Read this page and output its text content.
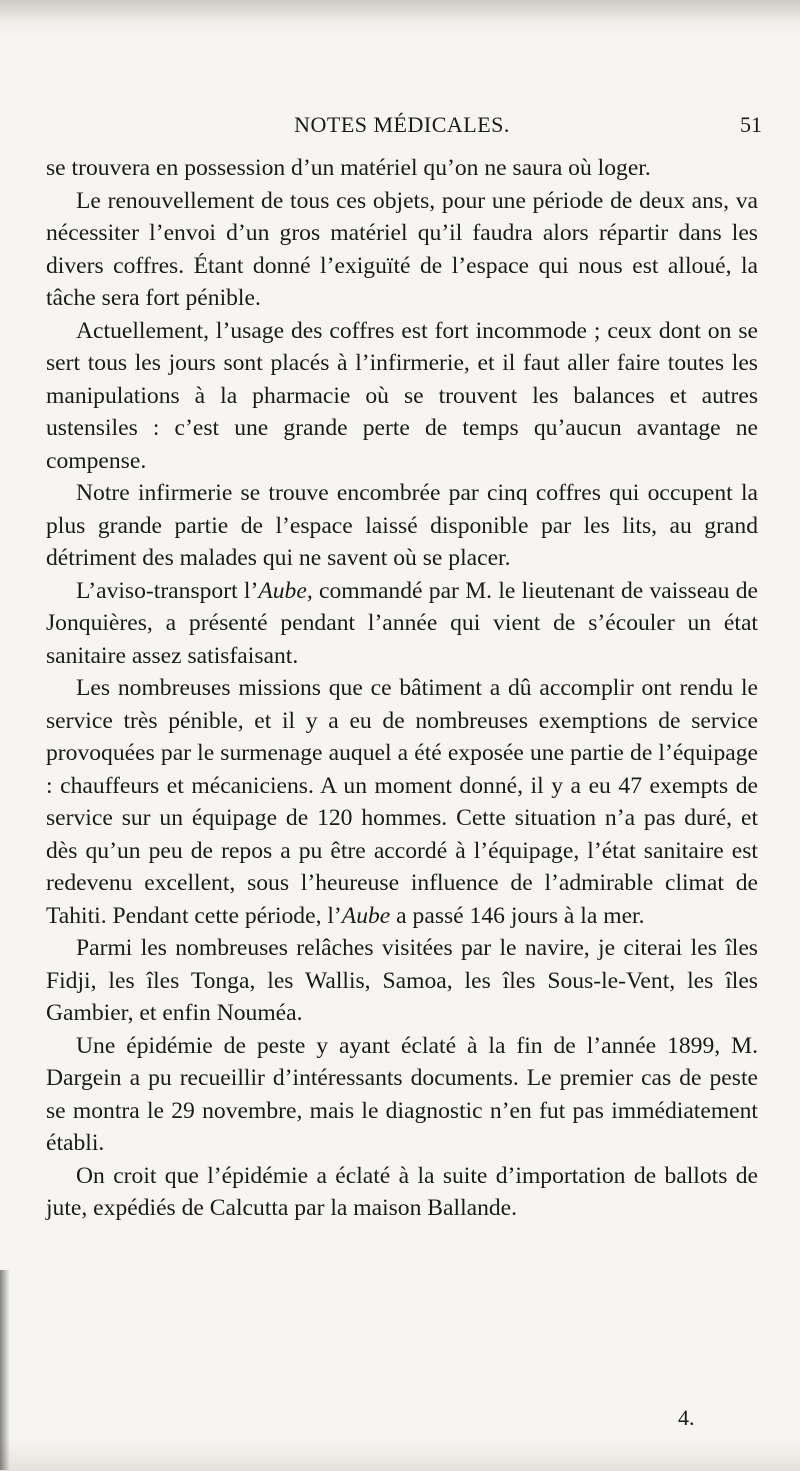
NOTES MÉDICALES.	51

se trouvera en possession d’un matériel qu’on ne saura où loger.

Le renouvellement de tous ces objets, pour une période de deux ans, va nécessiter l’envoi d’un gros matériel qu’il faudra alors répartir dans les divers coffres. Étant donné l’exiguïté de l’espace qui nous est alloué, la tâche sera fort pénible.

Actuellement, l’usage des coffres est fort incommode ; ceux dont on se sert tous les jours sont placés à l’infirmerie, et il faut aller faire toutes les manipulations à la pharmacie où se trouvent les balances et autres ustensiles : c’est une grande perte de temps qu’aucun avantage ne compense.

Notre infirmerie se trouve encombrée par cinq coffres qui occupent la plus grande partie de l’espace laissé disponible par les lits, au grand détriment des malades qui ne savent où se placer.

L’aviso-transport l’Aube, commandé par M. le lieutenant de vaisseau de Jonquières, a présenté pendant l’année qui vient de s’écouler un état sanitaire assez satisfaisant.

Les nombreuses missions que ce bâtiment a dû accomplir ont rendu le service très pénible, et il y a eu de nombreuses exemptions de service provoquées par le surmenage auquel a été exposée une partie de l’équipage : chauffeurs et mécaniciens. A un moment donné, il y a eu 47 exempts de service sur un équipage de 120 hommes. Cette situation n’a pas duré, et dès qu’un peu de repos a pu être accordé à l’équipage, l’état sanitaire est redevenu excellent, sous l’heureuse influence de l’admirable climat de Tahiti. Pendant cette période, l’Aube a passé 146 jours à la mer.

Parmi les nombreuses relâches visitées par le navire, je citerai les îles Fidji, les îles Tonga, les Wallis, Samoa, les îles Sous-le-Vent, les îles Gambier, et enfin Nouméa.

Une épidémie de peste y ayant éclaté à la fin de l’année 1899, M. Dargein a pu recueillir d’intéressants documents. Le premier cas de peste se montra le 29 novembre, mais le diagnostic n’en fut pas immédiatement établi.

On croit que l’épidémie a éclaté à la suite d’importation de ballots de jute, expédiés de Calcutta par la maison Ballande.

4.
